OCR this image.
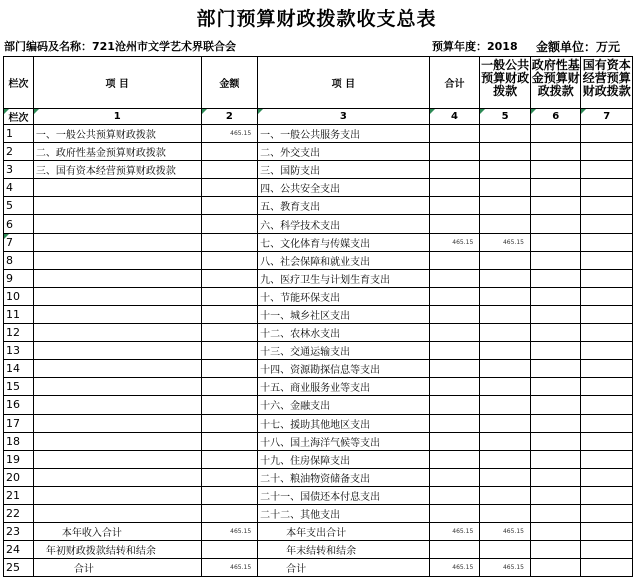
部门预算财政拨款收支总表
部门编码及名称：721沧州市文学艺术界联合会	预算年度：2018 金额单位：万元
栏次	项 目	金额	项 目	合计	一般公共预算财政拨款	政府性基金预算财政拨款	国有资本经营预算财政拨款
栏次	1	2	3	4	5	6	7

1	一、一般公共预算财政拨款	465.15	一、一般公共服务支出				
2	二、政府性基金预算财政拨款		二、外交支出				
3	三、国有资本经营预算财政拨款		三、国防支出				
4			四、公共安全支出				
5			五、教育支出				
6			六、科学技术支出				
7			七、文化体育与传媒支出	465.15	465.15		
8			八、社会保障和就业支出				
9			九、医疗卫生与计划生育支出				
10			十、节能环保支出				
11			十一、城乡社区支出				
12			十二、农林水支出				
13			十三、交通运输支出				
14			十四、资源勘探信息等支出				
15			十五、商业服务业等支出				
16			十六、金融支出				
17			十七、援助其他地区支出				
18			十八、国土海洋气候等支出				
19			十九、住房保障支出				
20			二十、粮油物资储备支出				
21			二十一、国债还本付息支出				
22			二十二、其他支出				
23	本年收入合计	465.15	本年支出合计	465.15	465.15		
24	年初财政拨款结转和结余		年末结转和结余				
25	合计	465.15	合计	465.15	465.15		
